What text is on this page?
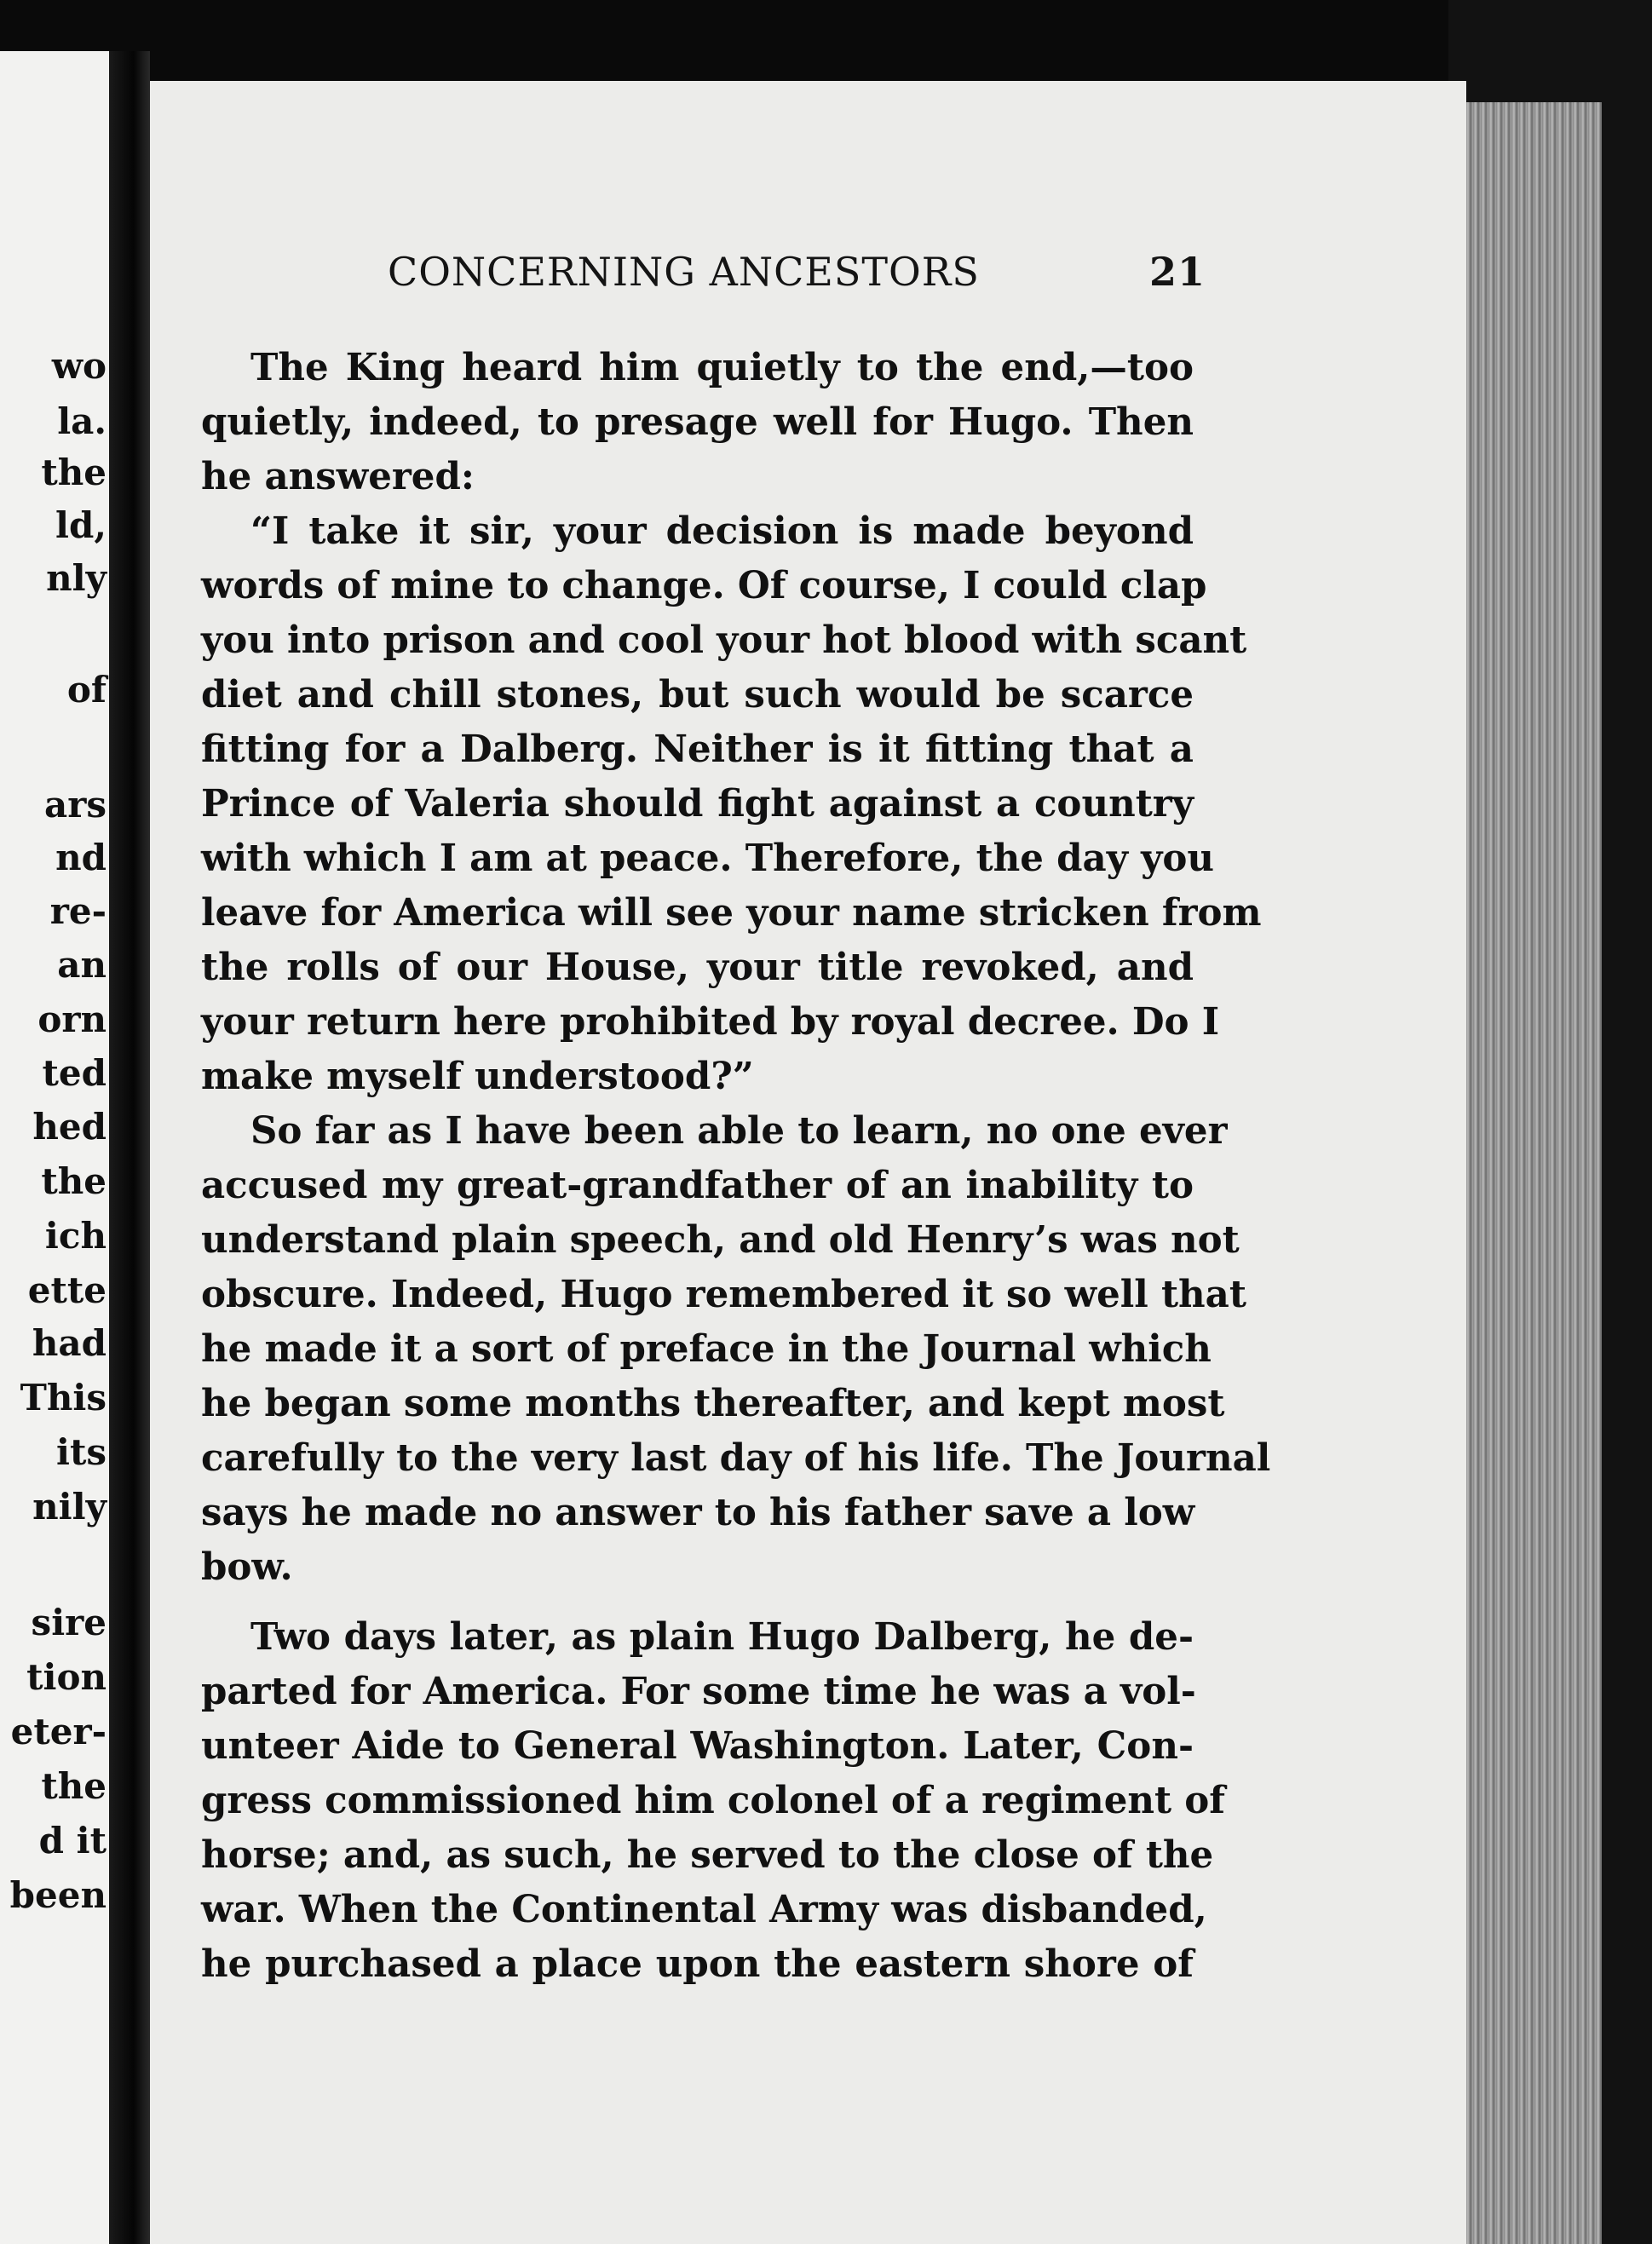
wo
la.
the
ld,
nly
of
ars
nd
re-
an
orn
ted
hed
the
ich
ette
had
This
its
nily
sire
tion
eter-
the
d it
been
CONCERNING ANCESTORS	21
The King heard him quietly to the end,—too
quietly, indeed, to presage well for Hugo. Then
he answered:
“I take it sir, your decision is made beyond
words of mine to change. Of course, I could clap
you into prison and cool your hot blood with scant
diet and chill stones, but such would be scarce
fitting for a Dalberg. Neither is it fitting that a
Prince of Valeria should fight against a country
with which I am at peace. Therefore, the day you
leave for America will see your name stricken from
the rolls of our House, your title revoked, and
your return here prohibited by royal decree. Do I
make myself understood?”
So far as I have been able to learn, no one ever
accused my great-grandfather of an inability to
understand plain speech, and old Henry’s was not
obscure. Indeed, Hugo remembered it so well that
he made it a sort of preface in the Journal which
he began some months thereafter, and kept most
carefully to the very last day of his life. The Journal
says he made no answer to his father save a low
bow.
Two days later, as plain Hugo Dalberg, he de-
parted for America. For some time he was a vol-
unteer Aide to General Washington. Later, Con-
gress commissioned him colonel of a regiment of
horse; and, as such, he served to the close of the
war. When the Continental Army was disbanded,
he purchased a place upon the eastern shore of
